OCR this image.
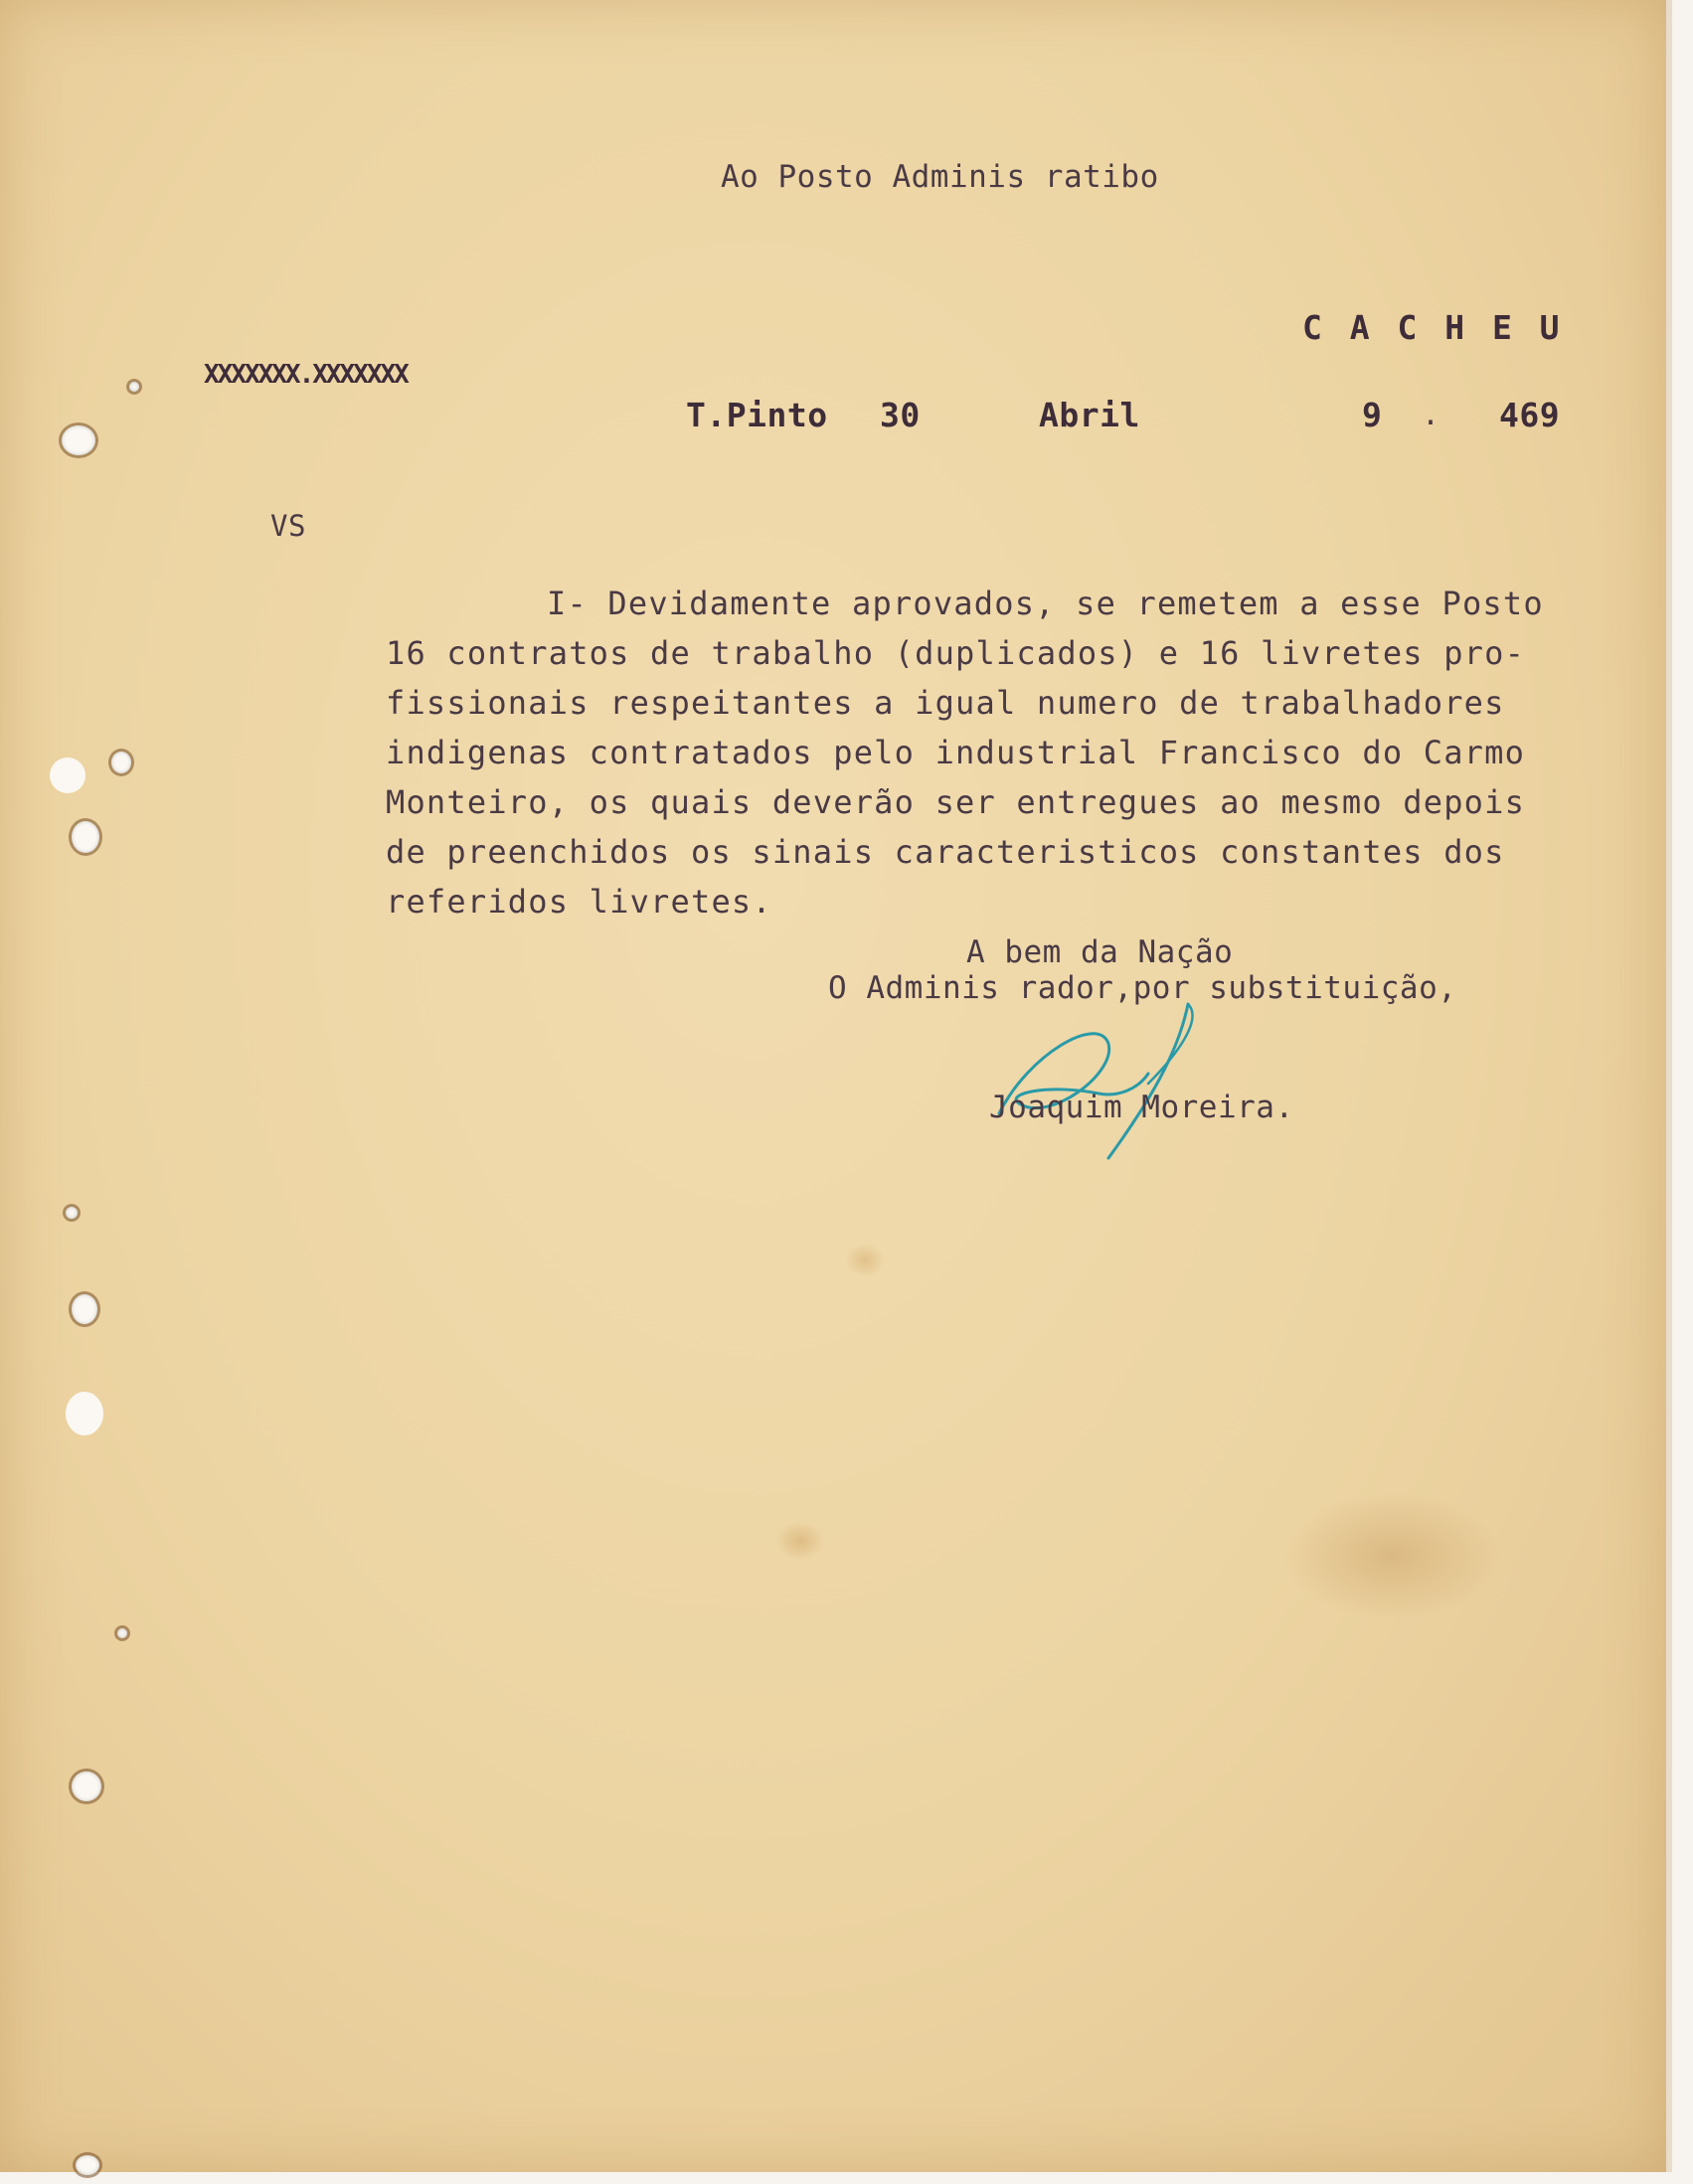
Ao Posto Adminis ratibo
C A C H E U
XXXXXXX.XXXXXXX
T.Pinto 30	Abril	9 . 469
VS
I- Devidamente aprovados, se remetem a esse Posto
16 contratos de trabalho (duplicados) e 16 livretes pro-
fissionais respeitantes a igual numero de trabalhadores
indigenas contratados pelo industrial Francisco do Carmo
Monteiro, os quais deverão ser entregues ao mesmo depois
de preenchidos os sinais caracteristicos constantes dos
referidos livretes.
A bem da Nação
O Adminis rador,por substituição,
Joaquim Moreira.
